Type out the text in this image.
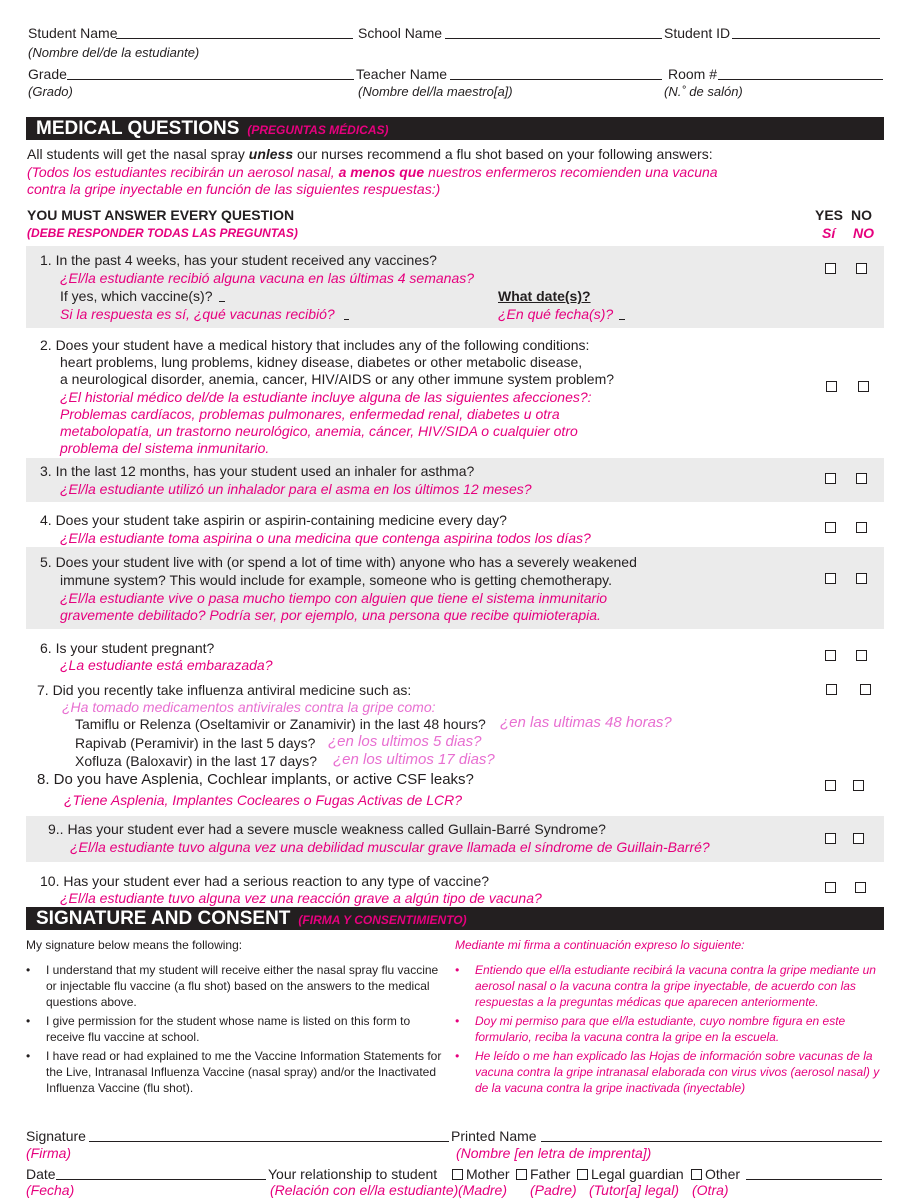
Student Name	School Name	Student ID
(Nombre del/de la estudiante)
Grade	Teacher Name	Room #
(Grado)	(Nombre del/la maestro[a])	(N.˚ de salón)
MEDICAL QUESTIONS (PREGUNTAS MÉDICAS)
All students will get the nasal spray unless our nurses recommend a flu shot based on your following answers:
(Todos los estudiantes recibirán un aerosol nasal, a menos que nuestros enfermeros recomienden una vacuna
contra la gripe inyectable en función de las siguientes respuestas:)
YOU MUST ANSWER EVERY QUESTION
(DEBE RESPONDER TODAS LAS PREGUNTAS)
YES NO
Sí NO
1. In the past 4 weeks, has your student received any vaccines?
¿El/la estudiante recibió alguna vacuna en las últimas 4 semanas?
If yes, which vaccine(s)?
Si la respuesta es sí, ¿qué vacunas recibió?
What date(s)?
¿En qué fecha(s)?
2. Does your student have a medical history that includes any of the following conditions:
heart problems, lung problems, kidney disease, diabetes or other metabolic disease,
a neurological disorder, anemia, cancer, HIV/AIDS or any other immune system problem?
¿El historial médico del/de la estudiante incluye alguna de las siguientes afecciones?:
Problemas cardíacos, problemas pulmonares, enfermedad renal, diabetes u otra
metabolopatía, un trastorno neurológico, anemia, cáncer, HIV/SIDA o cualquier otro
problema del sistema inmunitario.
3. In the last 12 months, has your student used an inhaler for asthma?
¿El/la estudiante utilizó un inhalador para el asma en los últimos 12 meses?
4. Does your student take aspirin or aspirin-containing medicine every day?
¿El/la estudiante toma aspirina o una medicina que contenga aspirina todos los días?
5. Does your student live with (or spend a lot of time with) anyone who has a severely weakened
immune system? This would include for example, someone who is getting chemotherapy.
¿El/la estudiante vive o pasa mucho tiempo con alguien que tiene el sistema inmunitario
gravemente debilitado? Podría ser, por ejemplo, una persona que recibe quimioterapia.
6. Is your student pregnant?
¿La estudiante está embarazada?
7. Did you recently take influenza antiviral medicine such as:
¿Ha tomado medicamentos antivirales contra la gripe como:
Tamiflu or Relenza (Oseltamivir or Zanamivir) in the last 48 hours? ¿en las ultimas 48 horas?
Rapivab (Peramivir) in the last 5 days? ¿en los ultimos 5 dias?
Xofluza (Baloxavir) in the last 17 days? ¿en los ultimos 17 dias?
8. Do you have Asplenia, Cochlear implants, or active CSF leaks?
¿Tiene Asplenia, Implantes Cocleares o Fugas Activas de LCR?
9.. Has your student ever had a severe muscle weakness called Gullain-Barré Syndrome?
¿El/la estudiante tuvo alguna vez una debilidad muscular grave llamada el síndrome de Guillain-Barré?
10. Has your student ever had a serious reaction to any type of vaccine?
¿El/la estudiante tuvo alguna vez una reacción grave a algún tipo de vacuna?
SIGNATURE AND CONSENT (FIRMA Y CONSENTIMIENTO)
My signature below means the following:	Mediante mi firma a continuación expreso lo siguiente:
• I understand that my student will receive either the nasal spray flu vaccine or injectable flu vaccine (a flu shot) based on the answers to the medical questions above.
• I give permission for the student whose name is listed on this form to receive flu vaccine at school.
• I have read or had explained to me the Vaccine Information Statements for the Live, Intranasal Influenza Vaccine (nasal spray) and/or the Inactivated Influenza Vaccine (flu shot).
• Entiendo que el/la estudiante recibirá la vacuna contra la gripe mediante un aerosol nasal o la vacuna contra la gripe inyectable, de acuerdo con las respuestas a la preguntas médicas que aparecen anteriormente.
• Doy mi permiso para que el/la estudiante, cuyo nombre figura en este formulario, reciba la vacuna contra la gripe en la escuela.
• He leído o me han explicado las Hojas de información sobre vacunas de la vacuna contra la gripe intranasal elaborada con virus vivos (aerosol nasal) y de la vacuna contra la gripe inactivada (inyectable)
Signature	Printed Name
(Firma)	(Nombre [en letra de imprenta])
Date	Your relationship to student	Mother	Father	Legal guardian	Other
(Fecha)	(Relación con el/la estudiante) (Madre) (Padre) (Tutor[a] legal) (Otra)
